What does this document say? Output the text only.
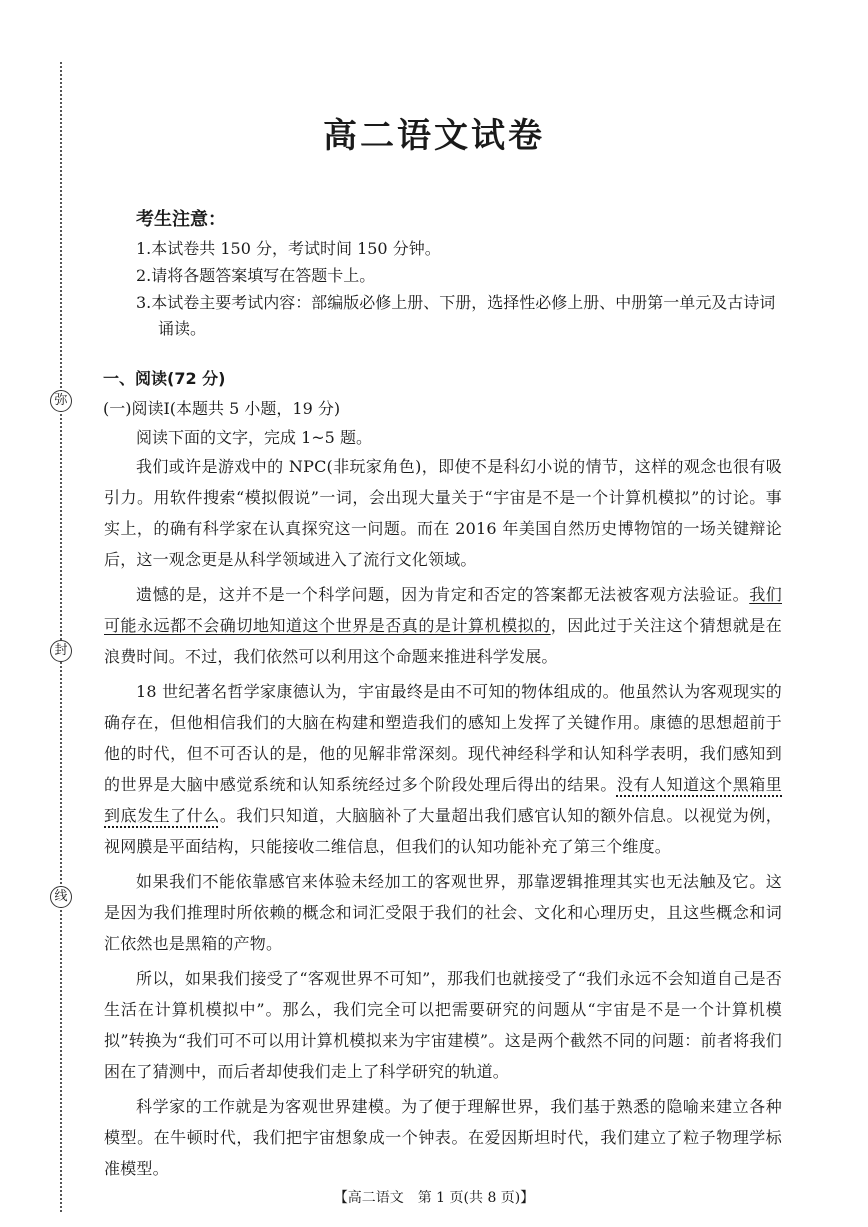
弥
封
线
高二语文试卷
考生注意：
1.本试卷共 150 分，考试时间 150 分钟。
2.请将各题答案填写在答题卡上。
3.本试卷主要考试内容：部编版必修上册、下册，选择性必修上册、中册第一单元及古诗词
诵读。
一、阅读(72 分)
(一)阅读Ⅰ(本题共 5 小题，19 分)
阅读下面的文字，完成 1~5 题。

我们或许是游戏中的 NPC(非玩家角色)，即使不是科幻小说的情节，这样的观念也很有吸引力。用软件搜索“模拟假说”一词，会出现大量关于“宇宙是不是一个计算机模拟”的讨论。事实上，的确有科学家在认真探究这一问题。而在 2016 年美国自然历史博物馆的一场关键辩论后，这一观念更是从科学领域进入了流行文化领域。

遗憾的是，这并不是一个科学问题，因为肯定和否定的答案都无法被客观方法验证。我们可能永远都不会确切地知道这个世界是否真的是计算机模拟的，因此过于关注这个猜想就是在浪费时间。不过，我们依然可以利用这个命题来推进科学发展。

18 世纪著名哲学家康德认为，宇宙最终是由不可知的物体组成的。他虽然认为客观现实的确存在，但他相信我们的大脑在构建和塑造我们的感知上发挥了关键作用。康德的思想超前于他的时代，但不可否认的是，他的见解非常深刻。现代神经科学和认知科学表明，我们感知到的世界是大脑中感觉系统和认知系统经过多个阶段处理后得出的结果。没有人知道这个黑箱里到底发生了什么。我们只知道，大脑脑补了大量超出我们感官认知的额外信息。以视觉为例，视网膜是平面结构，只能接收二维信息，但我们的认知功能补充了第三个维度。

如果我们不能依靠感官来体验未经加工的客观世界，那靠逻辑推理其实也无法触及它。这是因为我们推理时所依赖的概念和词汇受限于我们的社会、文化和心理历史，且这些概念和词汇依然也是黑箱的产物。

所以，如果我们接受了“客观世界不可知”，那我们也就接受了“我们永远不会知道自己是否生活在计算机模拟中”。那么，我们完全可以把需要研究的问题从“宇宙是不是一个计算机模拟”转换为“我们可不可以用计算机模拟来为宇宙建模”。这是两个截然不同的问题：前者将我们困在了猜测中，而后者却使我们走上了科学研究的轨道。

科学家的工作就是为客观世界建模。为了便于理解世界，我们基于熟悉的隐喻来建立各种模型。在牛顿时代，我们把宇宙想象成一个钟表。在爱因斯坦时代，我们建立了粒子物理学标准模型。

【高二语文　第 1 页(共 8 页)】
